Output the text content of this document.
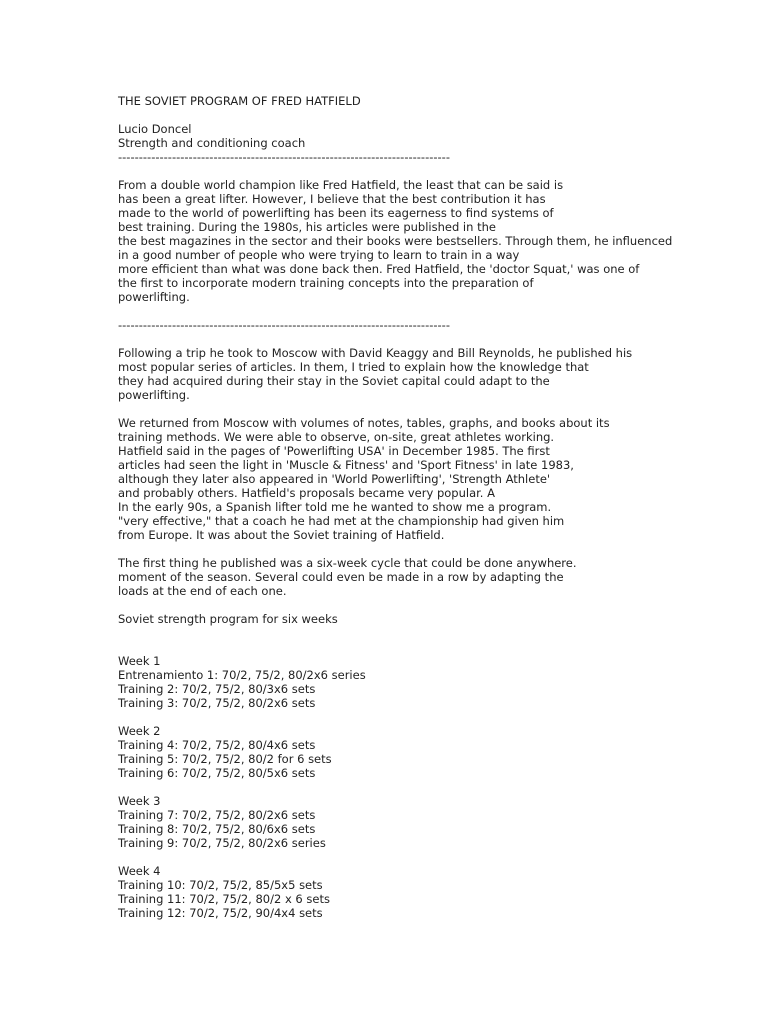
THE SOVIET PROGRAM OF FRED HATFIELD
Lucio Doncel
Strength and conditioning coach
--------------------------------------------------------------------------------
From a double world champion like Fred Hatfield, the least that can be said is
has been a great lifter. However, I believe that the best contribution it has
made to the world of powerlifting has been its eagerness to find systems of
best training. During the 1980s, his articles were published in the
the best magazines in the sector and their books were bestsellers. Through them, he influenced
in a good number of people who were trying to learn to train in a way
more efficient than what was done back then. Fred Hatfield, the 'doctor Squat,' was one of
the first to incorporate modern training concepts into the preparation of
powerlifting.
--------------------------------------------------------------------------------
Following a trip he took to Moscow with David Keaggy and Bill Reynolds, he published his
most popular series of articles. In them, I tried to explain how the knowledge that
they had acquired during their stay in the Soviet capital could adapt to the
powerlifting.
We returned from Moscow with volumes of notes, tables, graphs, and books about its
training methods. We were able to observe, on-site, great athletes working.
Hatfield said in the pages of 'Powerlifting USA' in December 1985. The first
articles had seen the light in 'Muscle & Fitness' and 'Sport Fitness' in late 1983,
although they later also appeared in 'World Powerlifting', 'Strength Athlete'
and probably others. Hatfield's proposals became very popular. A
In the early 90s, a Spanish lifter told me he wanted to show me a program.
"very effective," that a coach he had met at the championship had given him
from Europe. It was about the Soviet training of Hatfield.
The first thing he published was a six-week cycle that could be done anywhere.
moment of the season. Several could even be made in a row by adapting the
loads at the end of each one.
Soviet strength program for six weeks
Week 1
Entrenamiento 1: 70/2, 75/2, 80/2x6 series
Training 2: 70/2, 75/2, 80/3x6 sets
Training 3: 70/2, 75/2, 80/2x6 sets
Week 2
Training 4: 70/2, 75/2, 80/4x6 sets
Training 5: 70/2, 75/2, 80/2 for 6 sets
Training 6: 70/2, 75/2, 80/5x6 sets
Week 3
Training 7: 70/2, 75/2, 80/2x6 sets
Training 8: 70/2, 75/2, 80/6x6 sets
Training 9: 70/2, 75/2, 80/2x6 series
Week 4
Training 10: 70/2, 75/2, 85/5x5 sets
Training 11: 70/2, 75/2, 80/2 x 6 sets
Training 12: 70/2, 75/2, 90/4x4 sets
